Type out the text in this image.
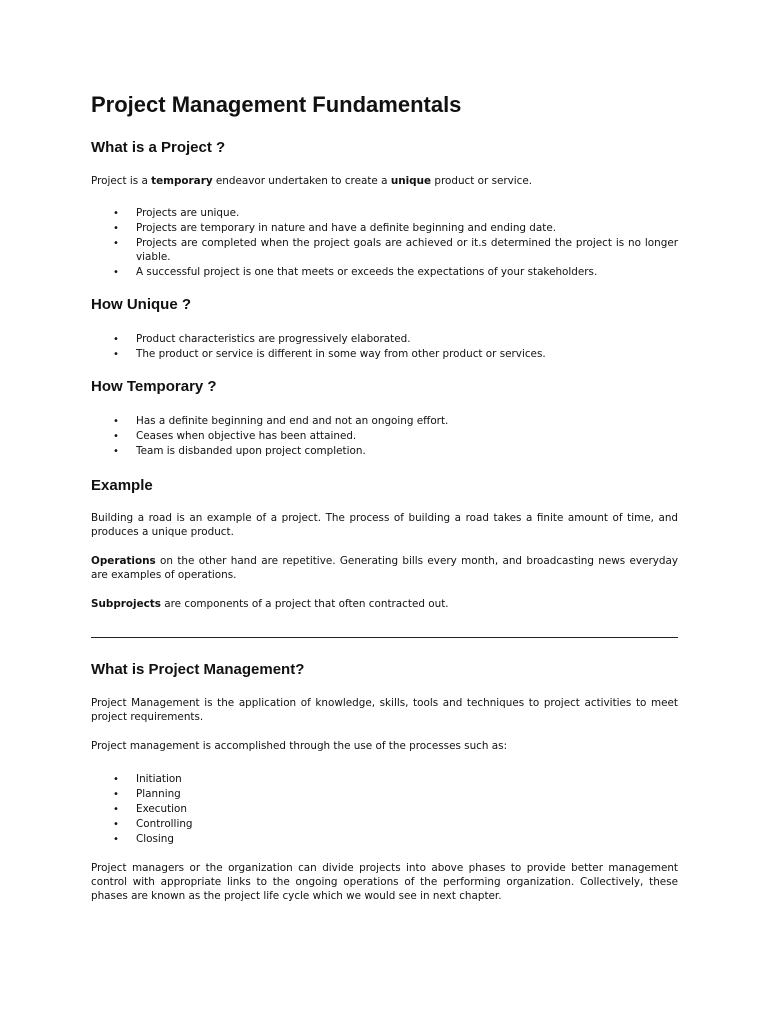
Project Management Fundamentals
What is a Project ?

Project is a temporary endeavor undertaken to create a unique product or service.

• Projects are unique.
• Projects are temporary in nature and have a definite beginning and ending date.
• Projects are completed when the project goals are achieved or it.s determined the project is no longer viable.
• A successful project is one that meets or exceeds the expectations of your stakeholders.
How Unique ?
• Product characteristics are progressively elaborated.
• The product or service is different in some way from other product or services.
How Temporary ?
• Has a definite beginning and end and not an ongoing effort.
• Ceases when objective has been attained.
• Team is disbanded upon project completion.
Example

Building a road is an example of a project. The process of building a road takes a finite amount of time, and produces a unique product.

Operations on the other hand are repetitive. Generating bills every month, and broadcasting news everyday are examples of operations.

Subprojects are components of a project that often contracted out.

What is Project Management?

Project Management is the application of knowledge, skills, tools and techniques to project activities to meet project requirements.

Project management is accomplished through the use of the processes such as:

• Initiation
• Planning
• Execution
• Controlling
• Closing

Project managers or the organization can divide projects into above phases to provide better management control with appropriate links to the ongoing operations of the performing organization. Collectively, these phases are known as the project life cycle which we would see in next chapter.
